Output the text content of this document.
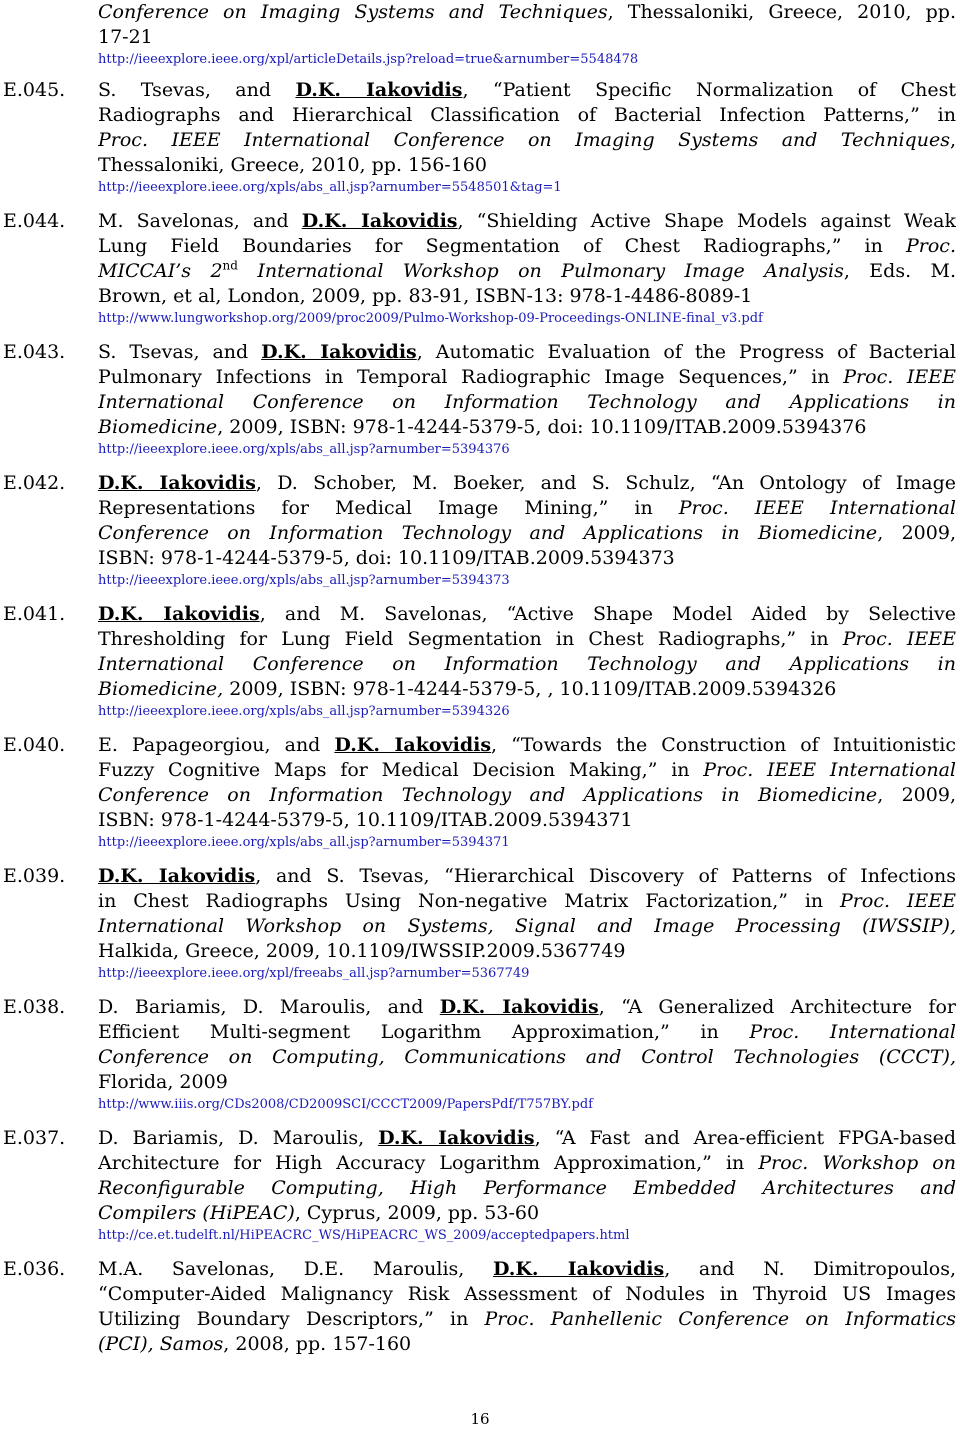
Conference on Imaging Systems and Techniques, Thessaloniki, Greece, 2010, pp.
17-21
http://ieeexplore.ieee.org/xpl/articleDetails.jsp?reload=true&arnumber=5548478
E.045. S. Tsevas, and D.K. Iakovidis, “Patient Specific Normalization of Chest
Radiographs and Hierarchical Classification of Bacterial Infection Patterns,” in
Proc. IEEE International Conference on Imaging Systems and Techniques,
Thessaloniki, Greece, 2010, pp. 156-160
http://ieeexplore.ieee.org/xpls/abs_all.jsp?arnumber=5548501&tag=1
E.044. M. Savelonas, and D.K. Iakovidis, “Shielding Active Shape Models against Weak
Lung Field Boundaries for Segmentation of Chest Radiographs,” in Proc.
MICCAI’s 2nd International Workshop on Pulmonary Image Analysis, Eds. M.
Brown, et al, London, 2009, pp. 83-91, ISBN-13: 978-1-4486-8089-1
http://www.lungworkshop.org/2009/proc2009/Pulmo-Workshop-09-Proceedings-ONLINE-final_v3.pdf
E.043. S. Tsevas, and D.K. Iakovidis, Automatic Evaluation of the Progress of Bacterial
Pulmonary Infections in Temporal Radiographic Image Sequences,” in Proc. IEEE
International Conference on Information Technology and Applications in
Biomedicine, 2009, ISBN: 978-1-4244-5379-5, doi: 10.1109/ITAB.2009.5394376
http://ieeexplore.ieee.org/xpls/abs_all.jsp?arnumber=5394376
E.042. D.K. Iakovidis, D. Schober, M. Boeker, and S. Schulz, “An Ontology of Image
Representations for Medical Image Mining,” in Proc. IEEE International
Conference on Information Technology and Applications in Biomedicine, 2009,
ISBN: 978-1-4244-5379-5, doi: 10.1109/ITAB.2009.5394373
http://ieeexplore.ieee.org/xpls/abs_all.jsp?arnumber=5394373
E.041. D.K. Iakovidis, and M. Savelonas, “Active Shape Model Aided by Selective
Thresholding for Lung Field Segmentation in Chest Radiographs,” in Proc. IEEE
International Conference on Information Technology and Applications in
Biomedicine, 2009, ISBN: 978-1-4244-5379-5, , 10.1109/ITAB.2009.5394326
http://ieeexplore.ieee.org/xpls/abs_all.jsp?arnumber=5394326
E.040. E. Papageorgiou, and D.K. Iakovidis, “Towards the Construction of Intuitionistic
Fuzzy Cognitive Maps for Medical Decision Making,” in Proc. IEEE International
Conference on Information Technology and Applications in Biomedicine, 2009,
ISBN: 978-1-4244-5379-5, 10.1109/ITAB.2009.5394371
http://ieeexplore.ieee.org/xpls/abs_all.jsp?arnumber=5394371
E.039. D.K. Iakovidis, and S. Tsevas, “Hierarchical Discovery of Patterns of Infections
in Chest Radiographs Using Non-negative Matrix Factorization,” in Proc. IEEE
International Workshop on Systems, Signal and Image Processing (IWSSIP),
Halkida, Greece, 2009, 10.1109/IWSSIP.2009.5367749
http://ieeexplore.ieee.org/xpl/freeabs_all.jsp?arnumber=5367749
E.038. D. Bariamis, D. Maroulis, and D.K. Iakovidis, “A Generalized Architecture for
Efficient Multi-segment Logarithm Approximation,” in Proc. International
Conference on Computing, Communications and Control Technologies (CCCT),
Florida, 2009
http://www.iiis.org/CDs2008/CD2009SCI/CCCT2009/PapersPdf/T757BY.pdf
E.037. D. Bariamis, D. Maroulis, D.K. Iakovidis, “A Fast and Area-efficient FPGA-based
Architecture for High Accuracy Logarithm Approximation,” in Proc. Workshop on
Reconfigurable Computing, High Performance Embedded Architectures and
Compilers (HiPEAC), Cyprus, 2009, pp. 53-60
http://ce.et.tudelft.nl/HiPEACRC_WS/HiPEACRC_WS_2009/acceptedpapers.html
E.036. M.A. Savelonas, D.E. Maroulis, D.K. Iakovidis, and N. Dimitropoulos,
“Computer-Aided Malignancy Risk Assessment of Nodules in Thyroid US Images
Utilizing Boundary Descriptors,” in Proc. Panhellenic Conference on Informatics
(PCI), Samos, 2008, pp. 157-160
16
